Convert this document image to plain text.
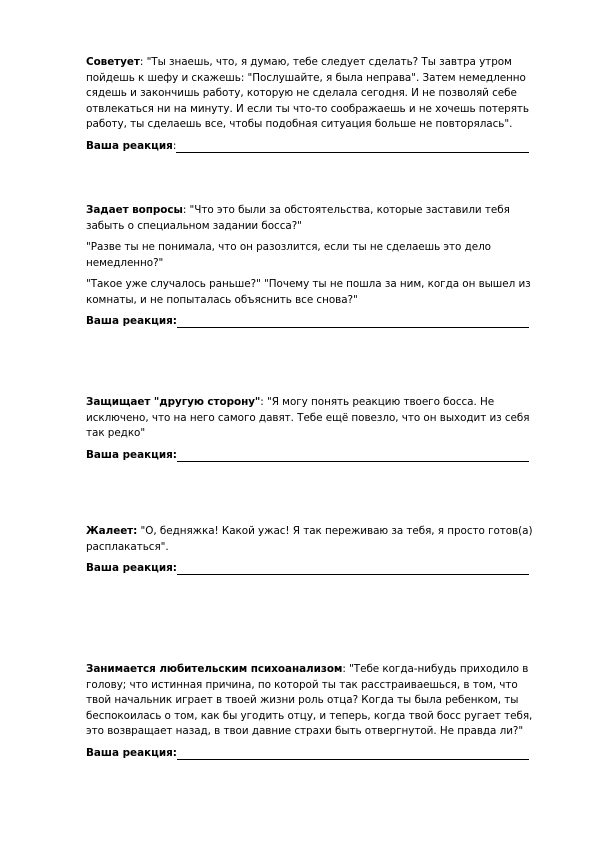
Советует: "Ты знаешь, что, я думаю, тебе следует сделать? Ты завтра утром пойдешь к шефу и скажешь: "Послушайте, я была неправа". Затем немедленно сядешь и закончишь работу, которую не сделала сегодня. И не позволяй себе отвлекаться ни на минуту. И если ты что-то соображаешь и не хочешь потерять работу, ты сделаешь все, чтобы подобная ситуация больше не повторялась".

Ваша реакция :

Задает вопросы: "Что это были за обстоятельства, которые заставили тебя забыть о специальном задании босса?"

"Разве ты не понимала, что он разозлится, если ты не сделаешь это дело немедленно?"

"Такое уже случалось раньше?" "Почему ты не пошла за ним, когда он вышел из комнаты, и не попыталась объяснить все снова?"

Ваша реакция:

Защищает "другую сторону": "Я могу понять реакцию твоего босса. Не исключено, что на него самого давят. Тебе ещё повезло, что он выходит из себя так редко"

Ваша реакция:

Жалеет: "О, бедняжка! Какой ужас! Я так переживаю за тебя, я просто готов(а) расплакаться".

Ваша реакция:

Занимается любительским психоанализом: "Тебе когда-нибудь приходило в голову; что истинная причина, по которой ты так расстраиваешься, в том, что твой начальник играет в твоей жизни роль отца? Когда ты была ребенком, ты беспокоилась о том, как бы угодить отцу, и теперь, когда твой босс ругает тебя, это возвращает назад, в твои давние страхи быть отвергнутой. Не правда ли?"

Ваша реакция:
